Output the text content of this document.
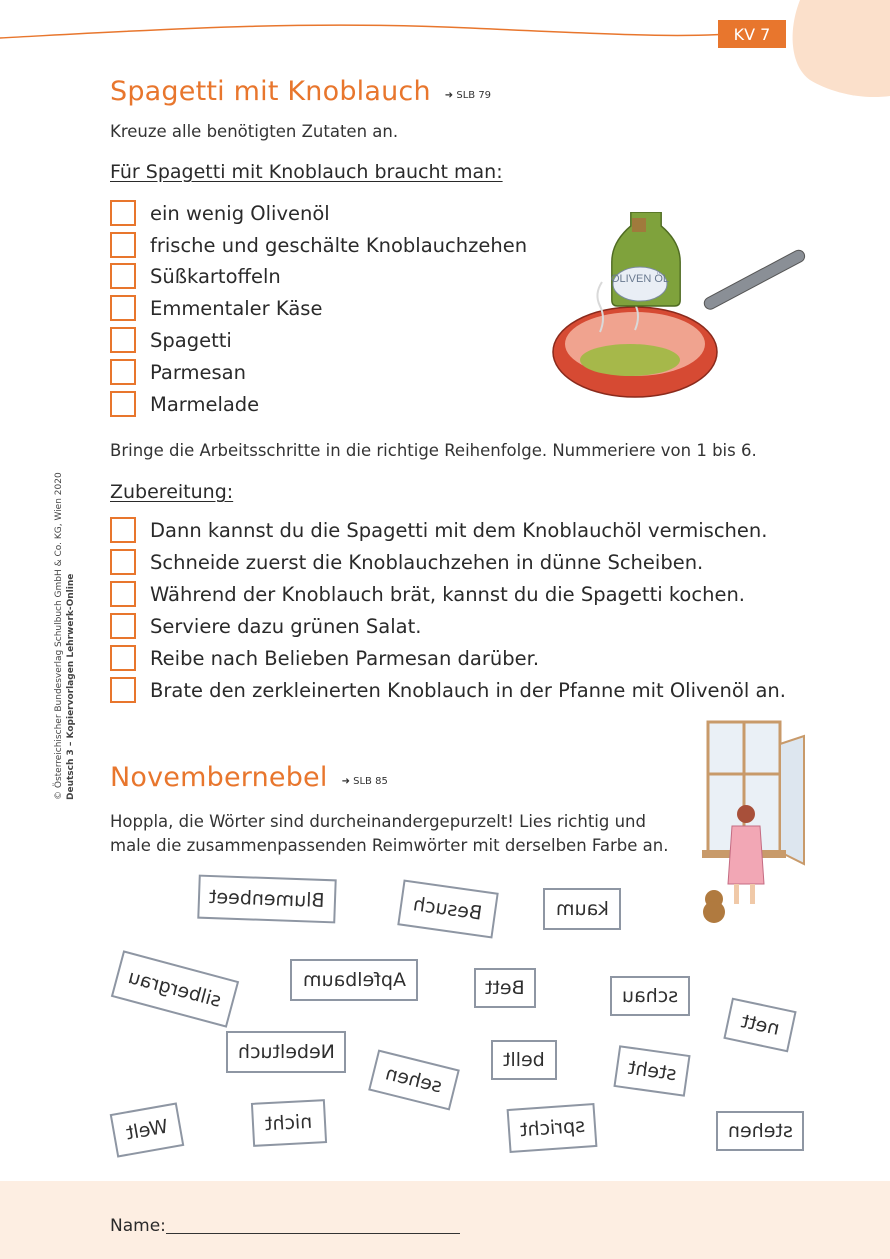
KV 7
© Österreichischer Bundesverlag Schulbuch GmbH & Co. KG, Wien 2020 Deutsch 3 – Kopiervorlagen Lehrwerk-Online
Spagetti mit Knoblauch ➜ SLB 79
Kreuze alle benötigten Zutaten an.
Für Spagetti mit Knoblauch braucht man:
ein wenig Olivenöl
frische und geschälte Knoblauchzehen
Süßkartoffeln
Emmentaler Käse
Spagetti
Parmesan
Marmelade
OLIVEN ÖL
Bringe die Arbeitsschritte in die richtige Reihenfolge. Nummeriere von 1 bis 6.
Zubereitung:
Dann kannst du die Spagetti mit dem Knoblauchöl vermischen.
Schneide zuerst die Knoblauchzehen in dünne Scheiben.
Während der Knoblauch brät, kannst du die Spagetti kochen.
Serviere dazu grünen Salat.
Reibe nach Belieben Parmesan darüber.
Brate den zerkleinerten Knoblauch in der Pfanne mit Olivenöl an.
Novembernebel ➜ SLB 85
Hoppla, die Wörter sind durcheinandergepurzelt! Lies richtig und
male die zusammenpassenden Reimwörter mit derselben Farbe an.
Blumenbeet	Besuch	kaum
silbergrau	Apfelbaum	Bett	schau
nett
Nebeltuch
sehen
bellt	steht
Welt	nicht	spricht	stehen
Name:
